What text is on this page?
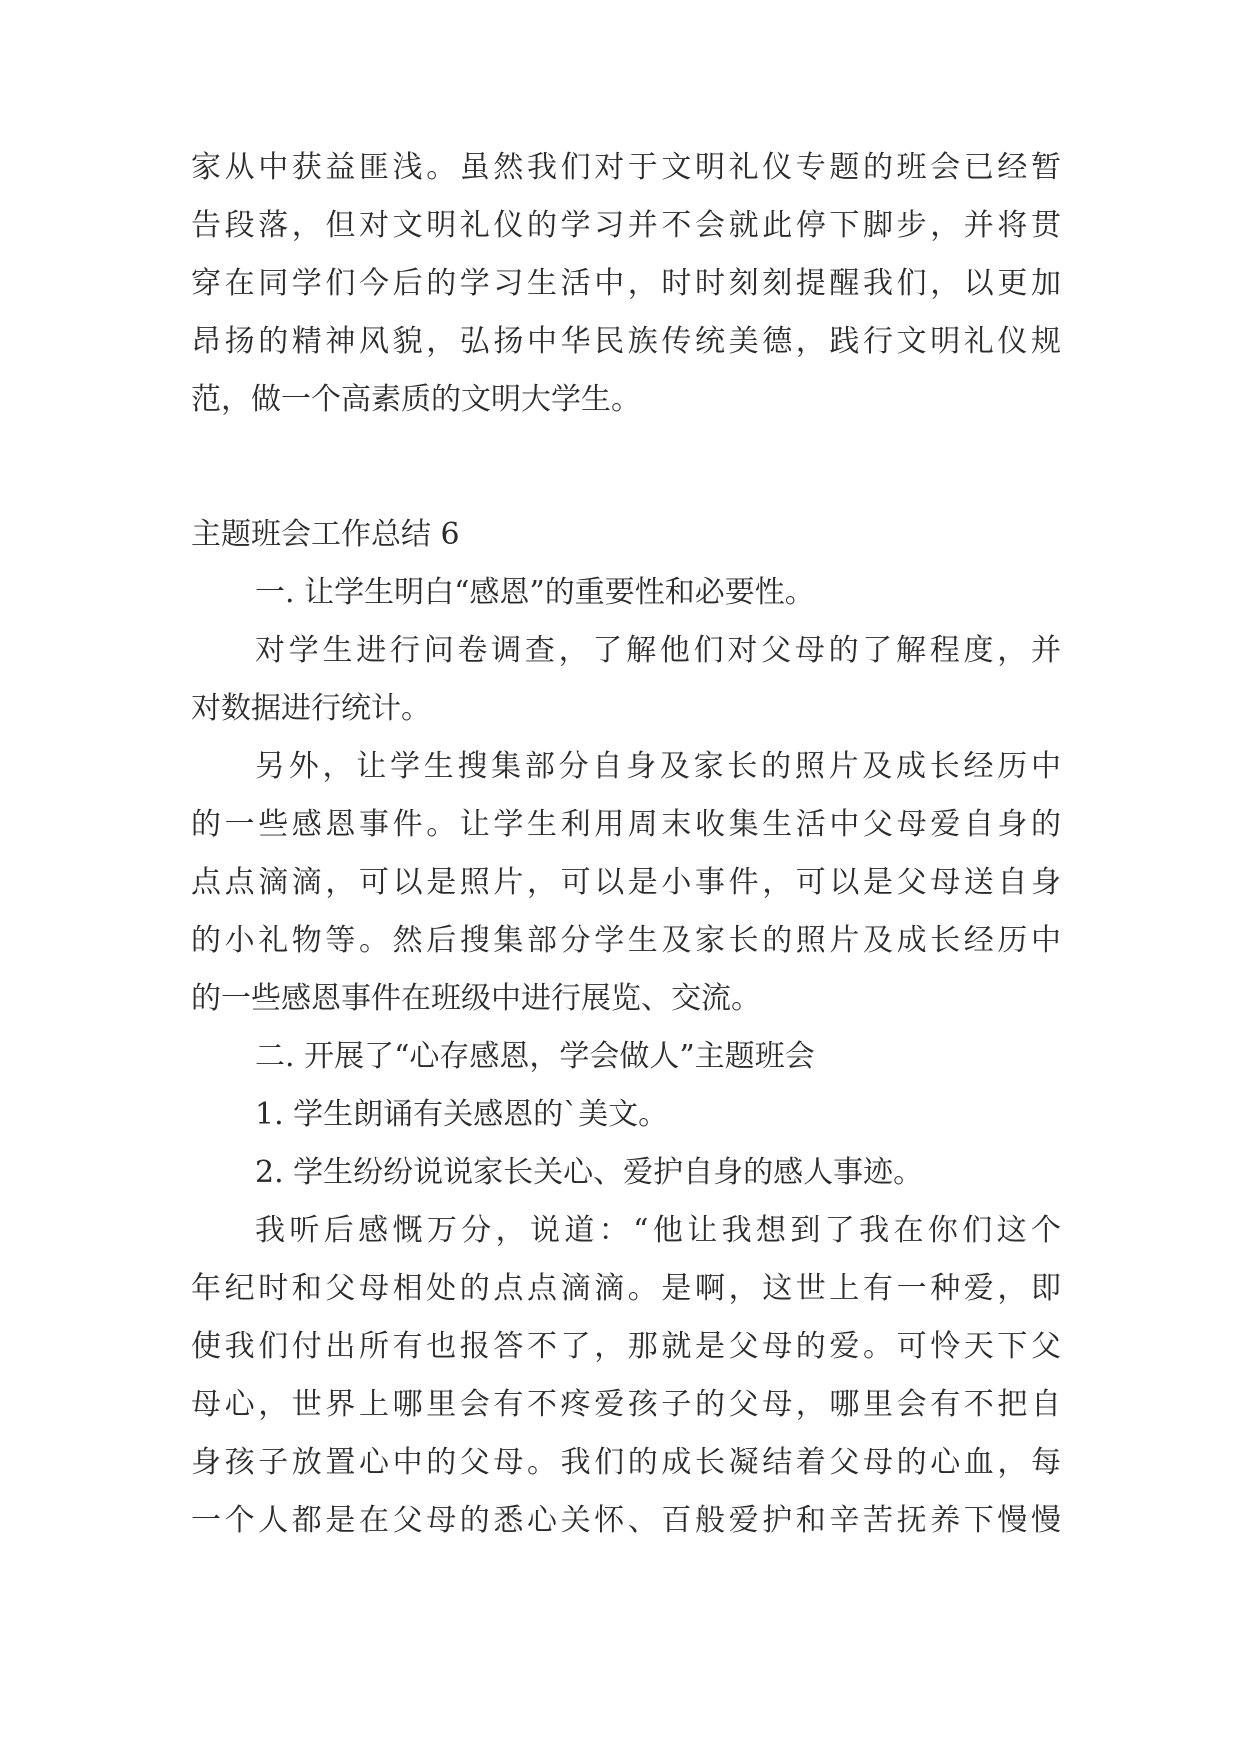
家从中获益匪浅。虽然我们对于文明礼仪专题的班会已经暂
告段落，但对文明礼仪的学习并不会就此停下脚步，并将贯
穿在同学们今后的学习生活中，时时刻刻提醒我们，以更加
昂扬的精神风貌，弘扬中华民族传统美德，践行文明礼仪规
范，做一个高素质的文明大学生。
主题班会工作总结 6
一. 让学生明白“感恩”的重要性和必要性。
对学生进行问卷调查，了解他们对父母的了解程度，并
对数据进行统计。
另外，让学生搜集部分自身及家长的照片及成长经历中
的一些感恩事件。让学生利用周末收集生活中父母爱自身的
点点滴滴，可以是照片，可以是小事件，可以是父母送自身
的小礼物等。然后搜集部分学生及家长的照片及成长经历中
的一些感恩事件在班级中进行展览、交流。
二. 开展了“心存感恩，学会做人”主题班会
1. 学生朗诵有关感恩的`美文。
2. 学生纷纷说说家长关心、爱护自身的感人事迹。
我听后感慨万分，说道：“他让我想到了我在你们这个
年纪时和父母相处的点点滴滴。是啊，这世上有一种爱，即
使我们付出所有也报答不了，那就是父母的爱。可怜天下父
母心，世界上哪里会有不疼爱孩子的父母，哪里会有不把自
身孩子放置心中的父母。我们的成长凝结着父母的心血，每
一个人都是在父母的悉心关怀、百般爱护和辛苦抚养下慢慢
